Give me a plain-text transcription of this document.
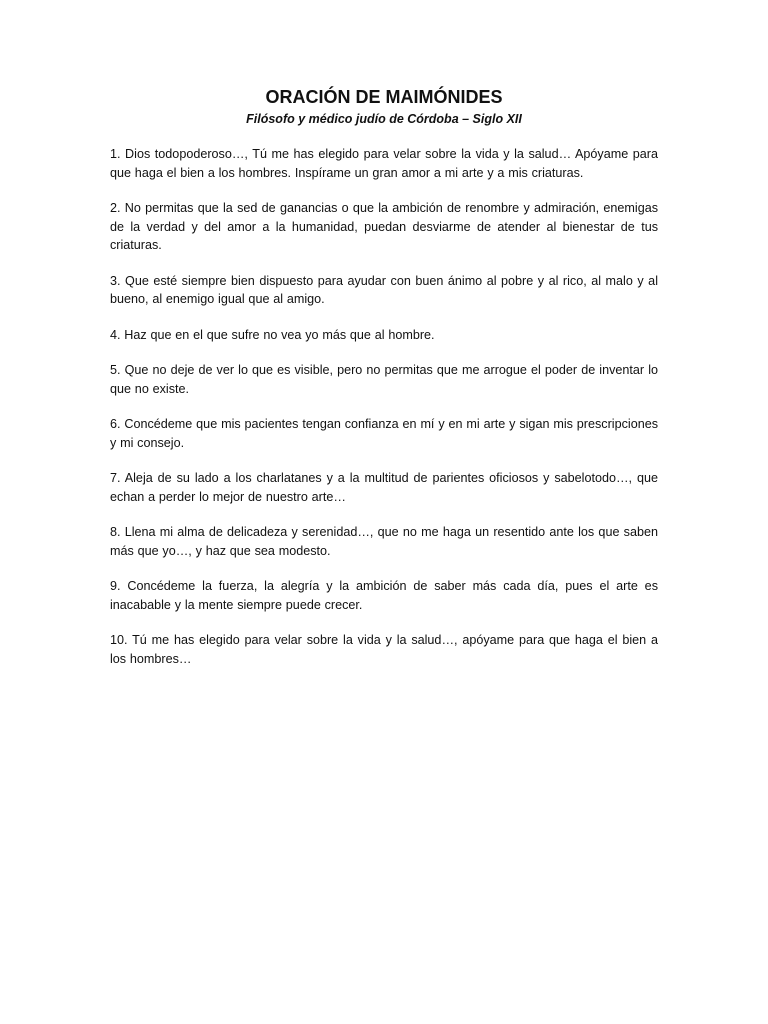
ORACIÓN DE MAIMÓNIDES

Filósofo y médico judío de Córdoba – Siglo XII

1. Dios todopoderoso…, Tú me has elegido para velar sobre la vida y la salud… Apóyame para que haga el bien a los hombres. Inspírame un gran amor a mi arte y a mis criaturas.

2. No permitas que la sed de ganancias o que la ambición de renombre y admiración, enemigas de la verdad y del amor a la humanidad, puedan desviarme de atender al bienestar de tus criaturas.

3. Que esté siempre bien dispuesto para ayudar con buen ánimo al pobre y al rico, al malo y al bueno, al enemigo igual que al amigo.

4. Haz que en el que sufre no vea yo más que al hombre.

5. Que no deje de ver lo que es visible, pero no permitas que me arrogue el poder de inventar lo que no existe.

6. Concédeme que mis pacientes tengan confianza en mí y en mi arte y sigan mis prescripciones y mi consejo.

7. Aleja de su lado a los charlatanes y a la multitud de parientes oficiosos y sabelotodo…, que echan a perder lo mejor de nuestro arte…

8. Llena mi alma de delicadeza y serenidad…, que no me haga un resentido ante los que saben más que yo…, y haz que sea modesto.

9. Concédeme la fuerza, la alegría y la ambición de saber más cada día, pues el arte es inacabable y la mente siempre puede crecer.

10. Tú me has elegido para velar sobre la vida y la salud…, apóyame para que haga el bien a los hombres…
